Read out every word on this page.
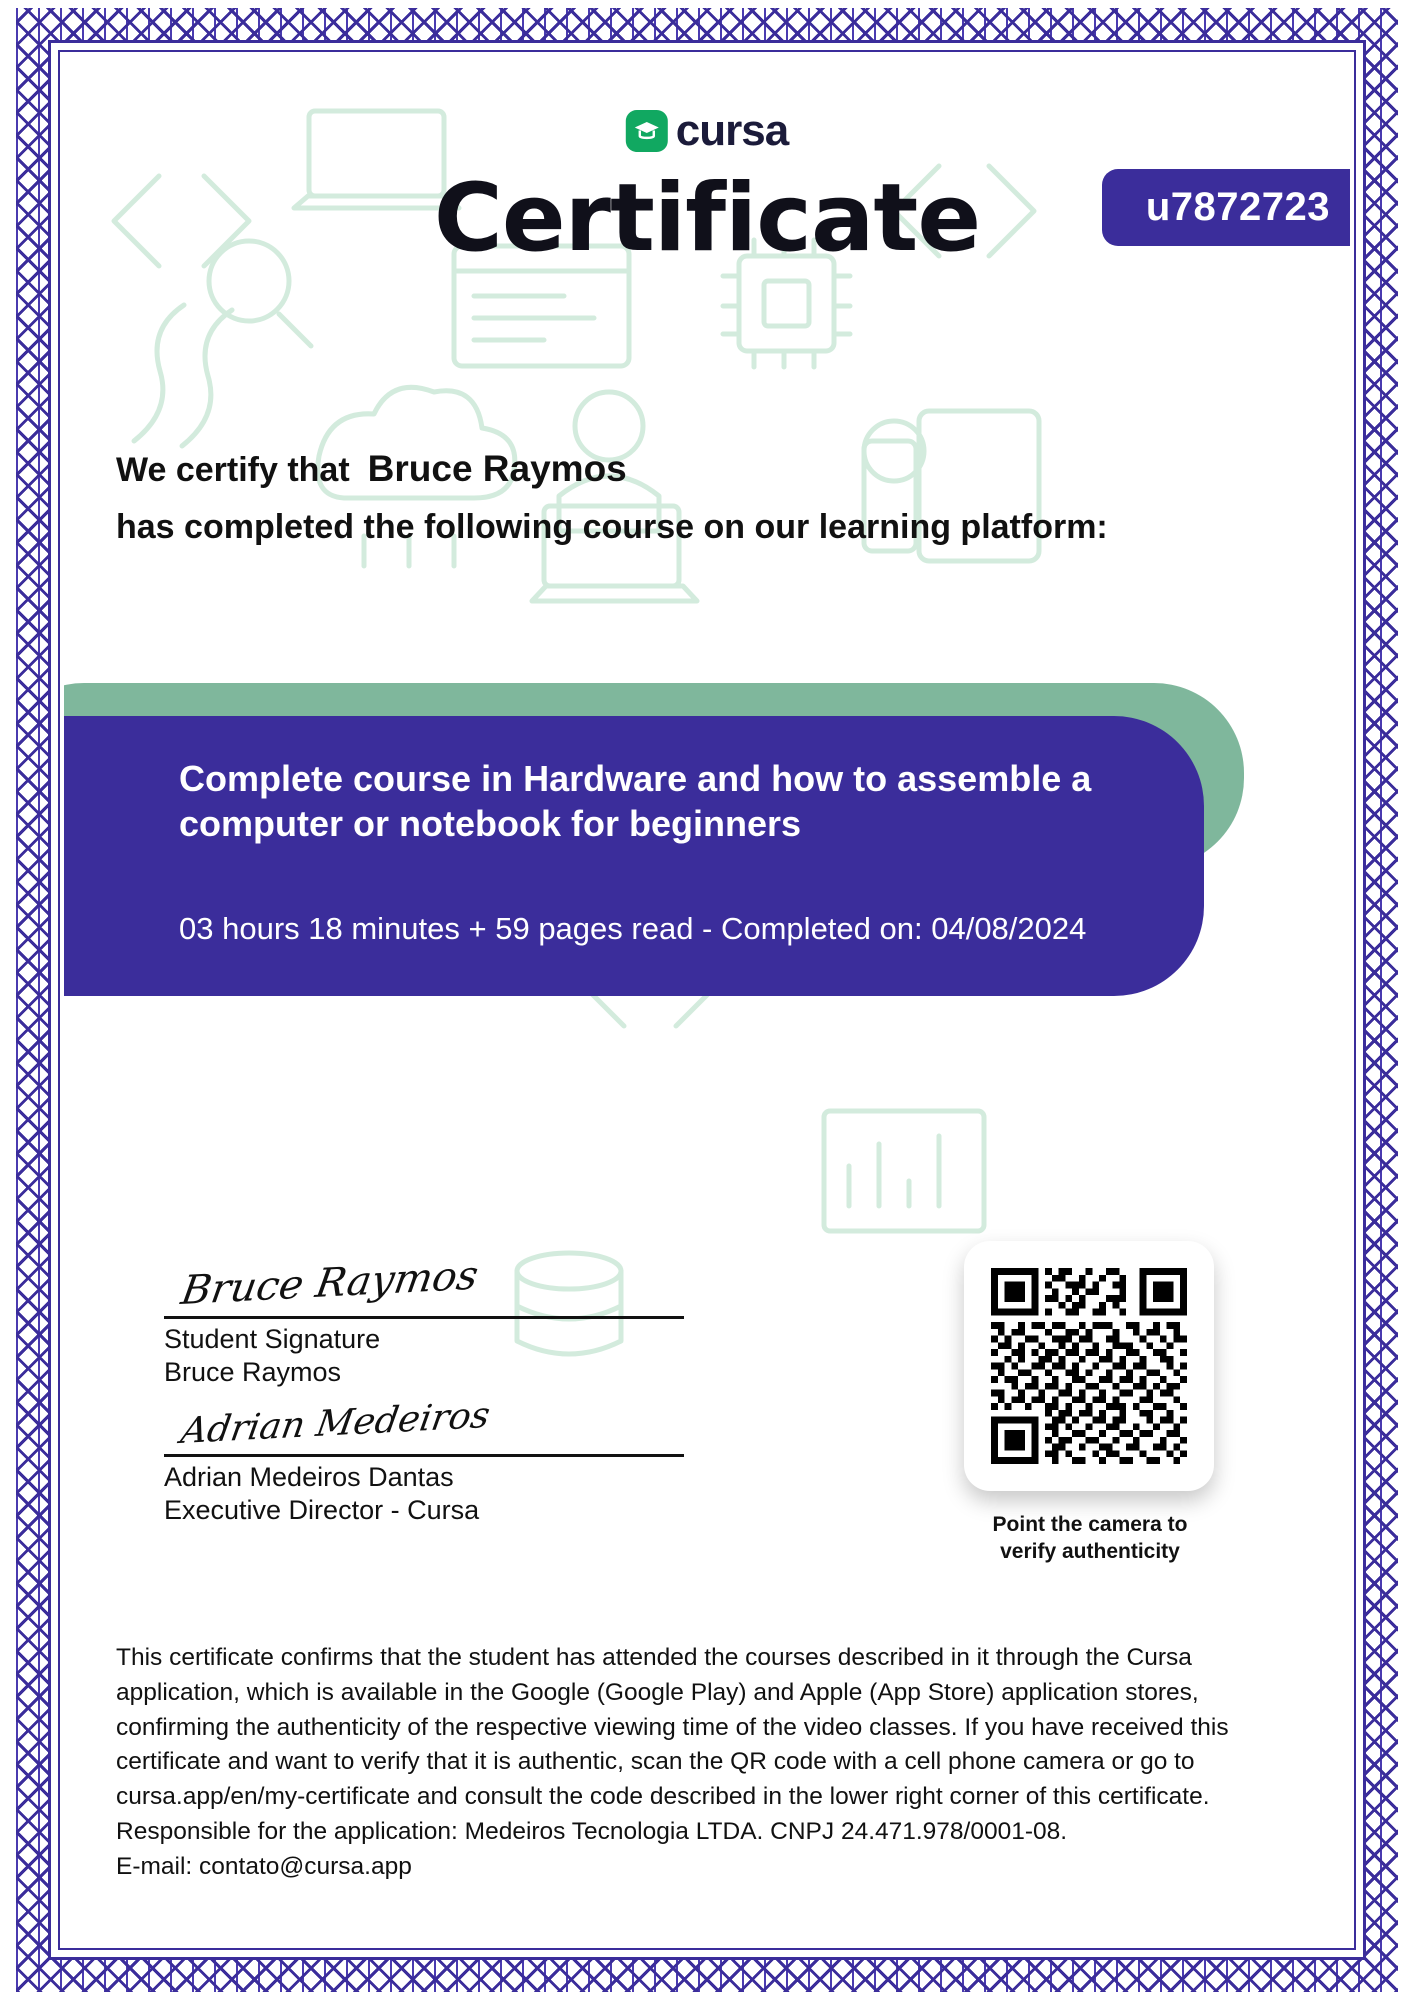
cursa
Certificate	u7872723
We certify that Bruce Raymos
has completed the following course on our learning platform:
Complete course in Hardware and how to assemble a computer or notebook for beginners
03 hours 18 minutes + 59 pages read - Completed on: 04/08/2024
Bruce Raymos
Student Signature
Bruce Raymos
Adrian Medeiros
Adrian Medeiros Dantas
Executive Director - Cursa	Point the camera to
verify authenticity

This certificate confirms that the student has attended the courses described in it through the Cursa

application, which is available in the Google (Google Play) and Apple (App Store) application stores,

confirming the authenticity of the respective viewing time of the video classes. If you have received this

certificate and want to verify that it is authentic, scan the QR code with a cell phone camera or go to

cursa.app/en/my-certificate and consult the code described in the lower right corner of this certificate.

Responsible for the application: Medeiros Tecnologia LTDA. CNPJ 24.471.978/0001-08.

E-mail: contato@cursa.app
